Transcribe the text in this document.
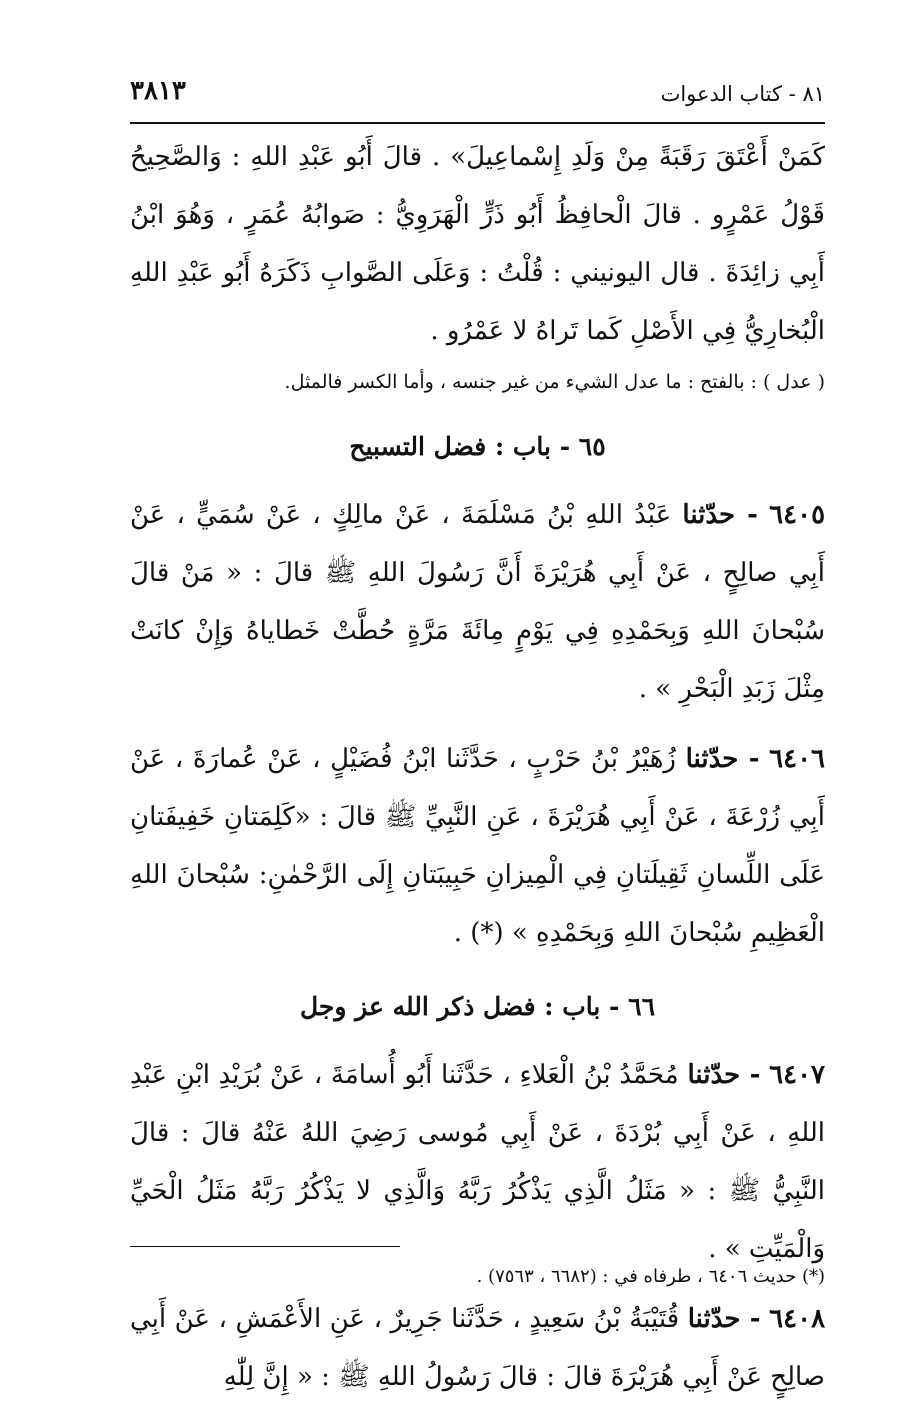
٨١ - كتاب الدعوات
٣٨١٣

كَمَنْ أَعْتَقَ رَقَبَةً مِنْ وَلَدِ إِسْماعِيلَ» . قالَ أَبُو عَبْدِ اللهِ : وَالصَّحِيحُ قَوْلُ عَمْرٍو . قالَ الْحافِظُ أَبُو ذَرٍّ الْهَرَوِيُّ : صَوابُهُ عُمَرٍ ، وَهُوَ ابْنُ أَبِي زائِدَةَ . قال اليونيني : قُلْتُ : وَعَلَى الصَّوابِ ذَكَرَهُ أَبُو عَبْدِ اللهِ الْبُخارِيُّ فِي الأَصْلِ كَما تَراهُ لا عَمْرُو .

( عدل ) : بالفتح : ما عدل الشيء من غير جنسه ، وأما الكسر فالمثل.

٦٥ - باب : فضل التسبيح

٦٤٠٥ - حدّثنا عَبْدُ اللهِ بْنُ مَسْلَمَةَ ، عَنْ مالِكٍ ، عَنْ سُمَيٍّ ، عَنْ أَبِي صالِحٍ ، عَنْ أَبِي هُرَيْرَةَ أَنَّ رَسُولَ اللهِ ﷺ قالَ : « مَنْ قالَ سُبْحانَ اللهِ وَبِحَمْدِهِ فِي يَوْمٍ مِائَةَ مَرَّةٍ حُطَّتْ خَطاياهُ وَإِنْ كانَتْ مِثْلَ زَبَدِ الْبَحْرِ » .

٦٤٠٦ - حدّثنا زُهَيْرُ بْنُ حَرْبٍ ، حَدَّثَنا ابْنُ فُضَيْلٍ ، عَنْ عُمارَةَ ، عَنْ أَبِي زُرْعَةَ ، عَنْ أَبِي هُرَيْرَةَ ، عَنِ النَّبِيِّ ﷺ قالَ : «كَلِمَتانِ خَفِيفَتانِ عَلَى اللِّسانِ ثَقِيلَتانِ فِي الْمِيزانِ حَبِيبَتانِ إِلَى الرَّحْمٰنِ: سُبْحانَ اللهِ الْعَظِيمِ سُبْحانَ اللهِ وَبِحَمْدِهِ » (*) .

٦٦ - باب : فضل ذكر الله عز وجل

٦٤٠٧ - حدّثنا مُحَمَّدُ بْنُ الْعَلاءِ ، حَدَّثَنا أَبُو أُسامَةَ ، عَنْ بُرَيْدِ ابْنِ عَبْدِ اللهِ ، عَنْ أَبِي بُرْدَةَ ، عَنْ أَبِي مُوسى رَضِيَ اللهُ عَنْهُ قالَ : قالَ النَّبِيُّ ﷺ : « مَثَلُ الَّذِي يَذْكُرُ رَبَّهُ وَالَّذِي لا يَذْكُرُ رَبَّهُ مَثَلُ الْحَيِّ وَالْمَيِّتِ » .

٦٤٠٨ - حدّثنا قُتَيْبَةُ بْنُ سَعِيدٍ ، حَدَّثَنا جَرِيرٌ ، عَنِ الأَعْمَشِ ، عَنْ أَبِي صالِحٍ عَنْ أَبِي هُرَيْرَةَ قالَ : قالَ رَسُولُ اللهِ ﷺ : « إِنَّ لِلّٰهِ

(*) حديث ٦٤٠٦ ، طرفاه في : (٦٦٨٢ ، ٧٥٦٣) .
